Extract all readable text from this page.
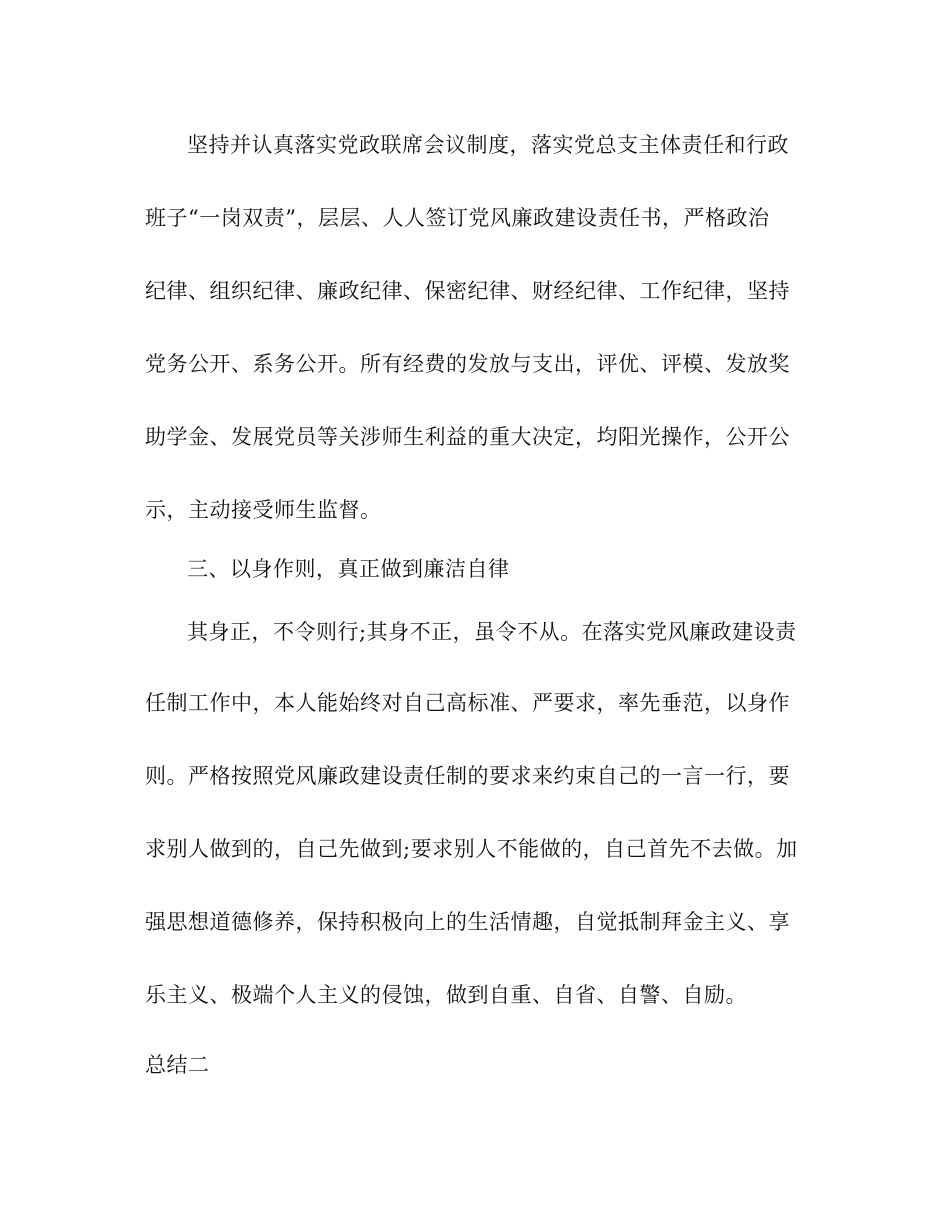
坚持并认真落实党政联席会议制度，落实党总支主体责任和行政
班子“一岗双责”，层层、人人签订党风廉政建设责任书，严格政治
纪律、组织纪律、廉政纪律、保密纪律、财经纪律、工作纪律，坚持
党务公开、系务公开。所有经费的发放与支出，评优、评模、发放奖
助学金、发展党员等关涉师生利益的重大决定，均阳光操作，公开公
示，主动接受师生监督。
三、以身作则，真正做到廉洁自律
其身正，不令则行;其身不正，虽令不从。在落实党风廉政建设责
任制工作中，本人能始终对自己高标准、严要求，率先垂范，以身作
则。严格按照党风廉政建设责任制的要求来约束自己的一言一行，要
求别人做到的，自己先做到;要求别人不能做的，自己首先不去做。加
强思想道德修养，保持积极向上的生活情趣，自觉抵制拜金主义、享
乐主义、极端个人主义的侵蚀，做到自重、自省、自警、自励。
总结二
